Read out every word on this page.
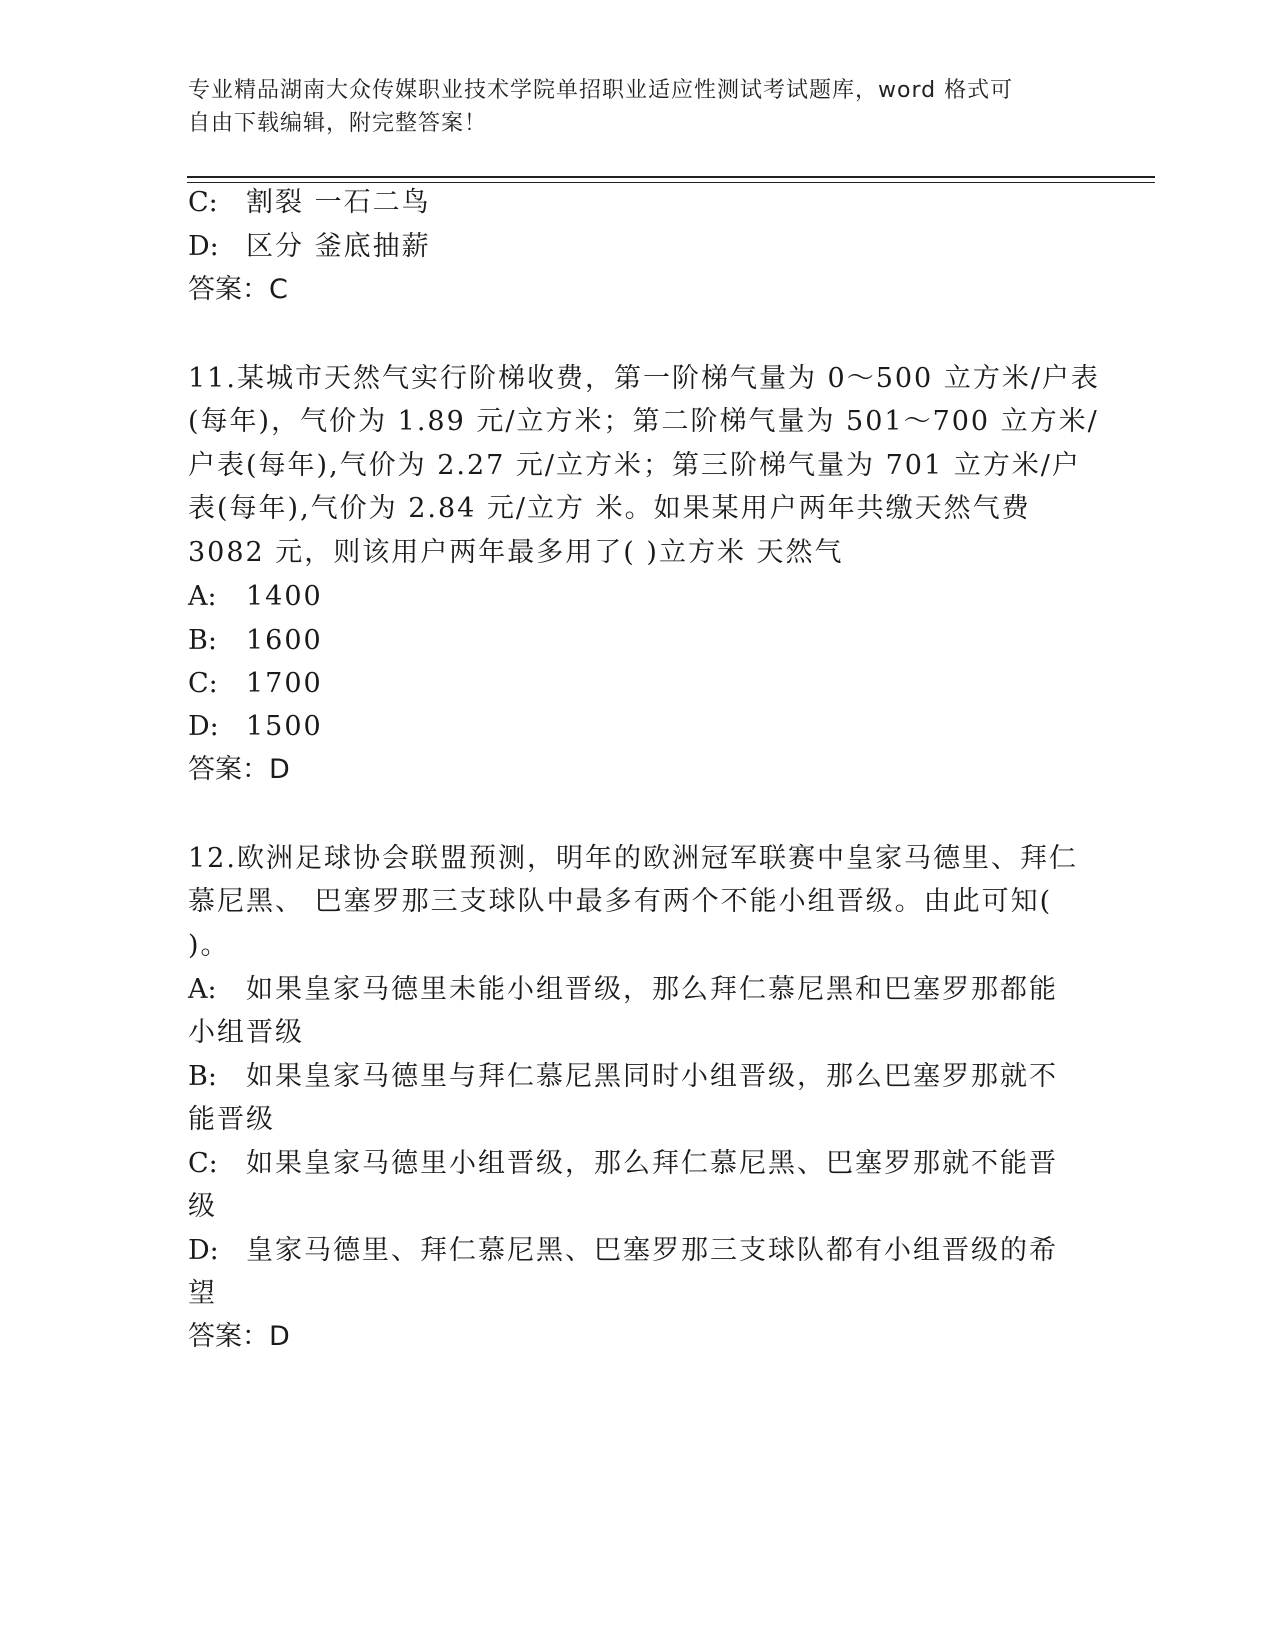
专业精品湖南大众传媒职业技术学院单招职业适应性测试考试题库，word 格式可
自由下载编辑，附完整答案！
C: 割裂 一石二鸟
D: 区分 釜底抽薪
答案：C
11.某城市天然气实行阶梯收费，第一阶梯气量为 0～500 立方米/户表
(每年)，气价为 1.89 元/立方米；第二阶梯气量为 501～700 立方米/
户表(每年),气价为 2.27 元/立方米；第三阶梯气量为 701 立方米/户
表(每年),气价为 2.84 元/立方 米。如果某用户两年共缴天然气费
3082 元，则该用户两年最多用了( )立方米 天然气
A: 1400
B: 1600
C: 1700
D: 1500
答案：D
12.欧洲足球协会联盟预测，明年的欧洲冠军联赛中皇家马德里、拜仁
慕尼黑、 巴塞罗那三支球队中最多有两个不能小组晋级。由此可知(
)。
A: 如果皇家马德里未能小组晋级，那么拜仁慕尼黑和巴塞罗那都能
小组晋级
B: 如果皇家马德里与拜仁慕尼黑同时小组晋级，那么巴塞罗那就不
能晋级
C: 如果皇家马德里小组晋级，那么拜仁慕尼黑、巴塞罗那就不能晋
级
D: 皇家马德里、拜仁慕尼黑、巴塞罗那三支球队都有小组晋级的希
望
答案：D
